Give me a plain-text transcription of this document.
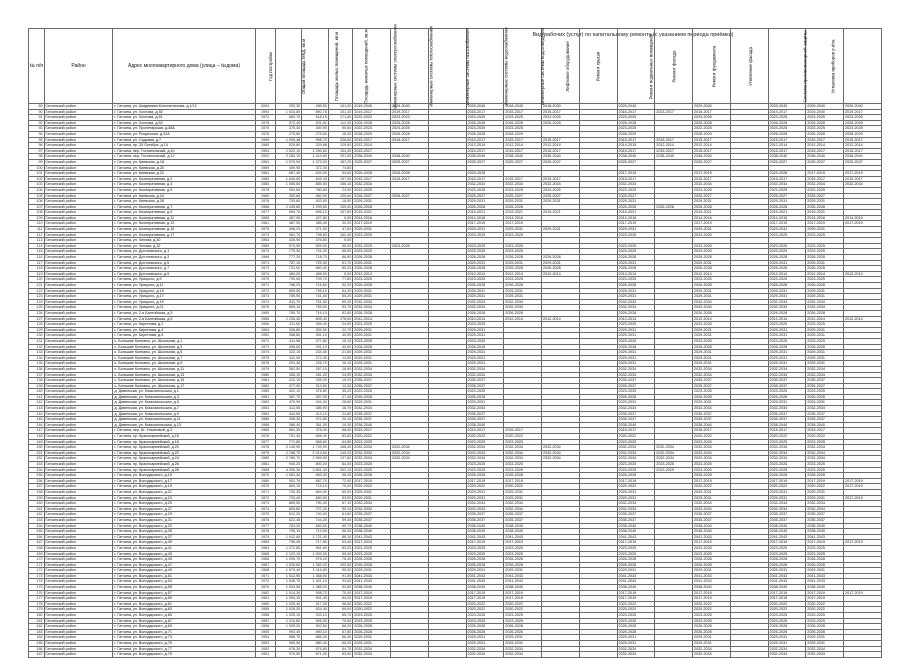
Вид рабочих (услуг) по капитальному ремонту (с указанием периода приёмки)
№ п/п	Район	Адрес многоквартирного дома (улица – №дома)	Год постройки	Общая площадь МКД, кв.м	Площадь жилых помещений, кв.м	Площадь нежилых помещений, кв.м	Инженерные системы электроснабжения	Инженерные системы теплоснабжения	Инженерные системы газоснабжения	Инженерные системы водоснабжения	Инженерные системы водоотведения	Лифтовое оборудование	Ремонт крыши	Ремонт подвальных помещений	Ремонт фасада	Ремонт фундамента	Утепление фасада	Система противопожарной защиты	Установка приборов учёта	
89	Гатчинский район	г. Гатчина, ул. Академика Константинова, д.1/12	2004	293,30	285,50	101,00	2019-2040	2029-2040		2029-2040	2018-2040	2018-2030		2029-2040		2029-2040		2029-2040	2029-2040	2029-2040
90	Гатчинский район	г. Гатчина, ул. Хохлова, д.50	1994	1 634,80	890,76	101,30	2019-2017	2019-2017		2016-2017	2015-2017	2015-2017		2016-2017	2023-2017	2016-2017		2019-2017	2019-2040	2019-2017
91	Гатчинский район	г. Гатчина, ул. Хохлова, д.51	1972	662,70	618,19	171,80	2022-2023	2023-2023		2023-2025	2023-2025	2023-2025		2023-2025		2023-2025		2023-2025	2023-2025	2023-2025
92	Гатчинский район	г. Гатчина, ул. Хохлова, д.52	1978	572,40	531,62	112,40	2026-2028	2026-2028		2026-2028	2026-2028	2026-2028		2026-2028		2026-2028		2026-2028	2026-2028	2026-2028
93	Гатчинский район	г. Гатчина, ул. Пролетарская, д.36А	1970	375,40	300,90	90,60	2022-2023	2024-2025		2023-2025	2023-2025			2023-2025		2022-2025		2023-2025	2023-2025	2023-2025
94	Гатчинский район	г. Гатчина, ул. Рощинская, д.32А	1978	275,80	275,60	16,30	2028-2029	2026-2028		2026-2028	2028-2029			2028-2029		2028-2029		2026-2028	2026-2028	2028-2029
95	Гатчинский район	г. Гатчина, ул. Садовая, д.7	1959	1 095,48	998,70	338,80	2015-2017	2015-2017		2015-2017	2015-2017	2015-2017		2015-2017	2015-2017	2015-2017		2015-2017	2015-2017	2015-2017
96	Гатчинский район	г. Гатчина, пр. 25 Октября, д.14	1980	520,80	329,68	129,80	2012-2014			2012-2014	2012-2014	2012-2014		2014-2015	2012-2014	2012-2014		2012-2014	2012-2014	2012-2014
97	Гатчинский район	г. Гатчина, пер. Госпитальный, д.10	1994	1 522,10	1 290,60	154,30	2015-2017			2015-2017	2015-2017	2015-2017		2015-2017	2015-2017	2015-2017		2015-2017	2015-2017	2015-2017
98	Гатчинский район	г. Гатчина, пер. Госпитальный, д.12	2002	2 280,10	1 419,80	291,50	2038-2040	2038-2040		2038-2040	2038-2040	2038-2040		2038-2040	2038-2040	2038-2040		2038-2040	2038-2040	2038-2040
99	Гатчинский район	г. Гатчина, ул. Киевская, д.18	1961	1 570,00	1 373,00	187,20	2025-2027	2025-2027		2025-2027	2025-2027	2025-2027		2025-2027		2025-2027		2025-2027	2025-2027	2025-2027
100	Гатчинский район	г. Гатчина, ул. Киевская, д.20	1969	409,90	372,30	74,80														
101	Гатчинский район	г. Гатчина, ул. Киевская, д.22	1961	687,40	639,90	94,60	2026-2028	2026-2028		2029-2028				2017-2019		2017-2019		2029-2028	2017-2019	2017-2019
102	Гатчинский район	г. Гатчина, ул. Кооперативная, д.2	1983	1 846,60	849,40	197,50	2015-2017	2015-2017		2015-2017	2015-2017	2015-2017		2015-2017		2015-2017		2015-2017	2015-2017	2015-2017
103	Гатчинский район	г. Гатчина, ул. Кооперативная, д.3	1980	1 085,60	885,50	156,10	2032-2034			2032-2034	2032-2034	2032-2034		2032-2034		2032-2034		2032-2034	2032-2034	2032-2034
104	Гатчинский район	г. Гатчина, ул. Кооперативная, д.5	1978	992,80	780,80	23,90	2023-2025			2023-2025	2023-2025	2023-2025		2023-2025		2023-2025		2023-2025	2023-2025	
105	Гатчинский район	г. Гатчина, ул. Киевская, д.24	1960	392,60	360,90	135,60	2026-2027	2026-2027		2025-2027	2025-2027	2025-2027		2025-2027		2025-2027		2025-2027	2025-2027	
106	Гатчинский район	г. Гатчина, ул. Киевская, д.26	1976	753,60	633,90	18,90	2029-2031			2029-2031	2029-2031	2029-2031		2029-2031		2029-2031		2029-2031	2029-2031	
107	Гатчинский район	г. Гатчина, ул. Кооперативная, д.7	1966	1 449,80	1 299,60	139,40	2026-2028			2026-2028	2026-2028			2026-2028	2026-2028	2026-2028		2026-2028	2026-2028	
108	Гатчинский район	г. Гатчина, ул. Кооперативная, д.9	1977	859,70	696,10	157,60	2019-2021			2019-2021	2019-2021	2019-2021		2019-2021		2019-2021		2019-2021	2019-2021	
109	Гатчинский район	г. Гатчина, ул. Кооперативная, д.11	1965	487,90	427,80	0,00	2014-2016			2014-2016	2014-2016			2014-2016		2014-2016		2014-2016	2014-2016	2014-2016
110	Гатчинский район	г. Гатчина, ул. Кооперативная, д.13	1961	487,00	385,40	32,20	2017-2019			2017-2019	2017-2019			2017-2019		2017-2019		2017-2019	2017-2019	2017-2019
111	Гатчинский район	г. Гатчина, ул. Кооперативная, д.15	1979	398,20	371,00	47,60	2029-2031			2029-2031	2029-2031	2029-2031		2029-2031		2029-2031		2029-2031	2029-2031	
112	Гатчинский район	г. Гатчина, ул. Кооперативная, д.17	1973	981,70	798,60	162,40	2023-2025			2023-2025	2023-2025			2023-2025		2023-2025		2023-2025	2023-2025	
113	Гатчинский район	г. Гатчина, ул. Чехова, д.30	1963	436,90	376,80	0,00														
114	Гатчинский район	г. Гатчина, ул. Чехова, д.32	1955	570,90	509,00	55,00	2023-2025	2023-2025		2023-2025	2023-2025			2023-2025		2023-2025		2023-2025	2023-2025	
115	Гатчинский район	г. Гатчина, ул. Достоевского, д.1	1973	775,30	731,20	66,50	2023-2025			2023-2025	2023-2025			2023-2025		2023-2025		2023-2025	2023-2025	
116	Гатчинский район	г. Гатчина, ул. Достоевского, д.3	1968	777,20	718,70	86,60	2026-2028			2026-2028	2026-2028	2026-2028		2026-2028		2026-2028		2026-2028	2026-2028	
117	Гатчинский район	г. Гатчина, ул. Достоевского, д.5	1971	787,10	725,30	51,70	2029-2031			2029-2031	2029-2031	2029-2031		2029-2031		2029-2031		2029-2031	2029-2031	
118	Гатчинский район	г. Гатчина, ул. Достоевского, д.7	1973	731,00	660,40	80,20	2026-2028			2026-2028	2026-2028	2026-2028		2026-2028		2026-2028		2026-2028	2026-2028	
119	Гатчинский район	г. Гатчина, ул. Достоевского, д.9	1974	484,20	466,00	0,00	2012-2014			2012-2014	2012-2014	2012-2014		2012-2014		2012-2014		2012-2014	2012-2014	2012-2014
120	Гатчинский район	г. Гатчина, ул. Урицкого, д.9	1970	790,00	709,70	77,80	2023-2025			2023-2025	2023-2025			2023-2025		2023-2025		2023-2025	2023-2025	
121	Гатчинский район	г. Гатчина, ул. Урицкого, д.11	1971	766,20	716,60	52,20	2026-2028			2026-2028	2026-2028			2026-2028		2026-2028		2026-2028	2026-2028	
122	Гатчинский район	г. Гатчина, ул. Урицкого, д.15	1972	859,50	798,10	64,30	2029-2031			2029-2031	2029-2031			2029-2031		2029-2031		2029-2031	2029-2031	
123	Гатчинский район	г. Гатчина, ул. Урицкого, д.17	1973	789,90	741,40	65,20	2029-2031			2029-2031	2029-2031			2029-2031		2029-2031		2029-2031	2029-2031	
124	Гатчинский район	г. Гатчина, ул. Урицкого, д.19	1974	811,70	751,60	60,40	2032-2034			2032-2034	2032-2034			2032-2034		2032-2034		2032-2034	2032-2034	
125	Гатчинский район	г. Гатчина, ул. Урицкого, д.21	1975	809,10	755,00	53,70	2032-2034			2032-2034	2032-2034			2032-2034		2032-2034		2032-2034	2032-2034	
126	Гатчинский район	г. Гатчина, ул. 2-я Балтийская, д.3	1965	789,70	716,10	62,80	2026-2028			2026-2028	2026-2028			2026-2028		2026-2028		2026-2028	2026-2028	
127	Гатчинский район	г. Гатчина, ул. 2-я Балтийская, д.5	1966	1 235,40	805,40	176,00	2012-2014			2012-2014	2012-2014	2012-2014		2012-2014		2012-2014		2012-2014	2012-2014	2012-2014
128	Гатчинский район	г. Гатчина, ул. Киргетова, д.2	1956	411,60	396,40	24,50	2023-2025			2023-2025				2023-2025		2023-2025		2023-2025	2023-2025	
129	Гатчинский район	г. Гатчина, ул. Киргетова, д.4	1954	336,80	302,90	22,70	2029-2031			2029-2031				2029-2031		2029-2031		2029-2031	2029-2031	
130	Гатчинский район	г. Гатчина, ул. Киргетова, д.6	1952	358,80	281,10	40,50	2029-2031			2029-2031				2029-2031		2029-2031		2029-2031	2029-2031	
131	Гатчинский район	с. Большие Колпаны, ул. Школьная, д.1	1972	411,58	377,80	15,10	2023-2025			2023-2025				2023-2025		2023-2025		2023-2025	2023-2025	
132	Гатчинский район	с. Большие Колпаны, ул. Школьная, д.3	1973	396,60	291,10	40,60	2026-2028			2026-2028				2026-2028		2026-2028		2026-2028	2026-2028	
133	Гатчинский район	с. Большие Колпаны, ул. Школьная, д.5	1974	322,10	234,40	21,60	2029-2031			2029-2031				2029-2031		2029-2031		2029-2031	2029-2031	
134	Гатчинский район	с. Большие Колпаны, ул. Школьная, д.7	1975	341,00	272,40	14,50	2029-2031			2029-2031				2029-2031		2029-2031		2029-2031	2029-2031	
135	Гатчинский район	с. Большие Колпаны, ул. Школьная, д.9	1978	291,40	226,70	16,10	2029-2031			2029-2031				2029-2031		2029-2031		2029-2031	2029-2031	
136	Гатчинский район	с. Большие Колпаны, ул. Школьная, д.11	1979	362,50	287,10	18,90	2032-2034			2032-2034				2032-2034		2032-2034		2032-2034	2032-2034	
137	Гатчинский район	с. Большие Колпаны, ул. Школьная, д.13	1980	355,10	281,20	24,90	2032-2034			2032-2034				2032-2034		2032-2034		2032-2034	2032-2034	
138	Гатчинский район	с. Большие Колпаны, ул. Школьная, д.15	1981	412,10	335,00	19,20	2035-2037			2035-2037				2035-2037		2035-2037		2035-2037	2035-2037	
139	Гатчинский район	с. Большие Колпаны, ул. Школьная, д.17	1982	377,90	313,90	12,30	2035-2037			2035-2037				2035-2037		2035-2037		2035-2037	2035-2037	
140	Гатчинский район	д. Дивенская, ул. Комсомольская, д.1	1980	402,10	376,80	35,20	2023-2025			2023-2025				2023-2025		2023-2025		2023-2025	2023-2025	
141	Гатчинский район	д. Дивенская, ул. Комсомольская, д.3	1981	387,70	357,90	27,40	2026-2028			2026-2028				2026-2028		2026-2028		2026-2028	2026-2028	
142	Гатчинский район	д. Дивенская, ул. Комсомольская, д.5	1982	470,90	444,30	26,60	2029-2031			2029-2031				2029-2031		2029-2031		2029-2031	2029-2031	
143	Гатчинский район	д. Дивенская, ул. Комсомольская, д.7	1983	412,50	386,90	18,70	2032-2034			2032-2034				2032-2034		2032-2034		2032-2034	2032-2034	
144	Гатчинский район	д. Дивенская, ул. Комсомольская, д.9	1984	444,60	414,10	24,80	2035-2037			2035-2037				2035-2037		2035-2037		2035-2037	2035-2037	
145	Гатчинский район	д. Дивенская, ул. Комсомольская, д.11	1985	398,30	372,60	20,10	2035-2037			2035-2037				2035-2037		2035-2037		2035-2037	2035-2037	
146	Гатчинский район	д. Дивенская, ул. Комсомольская, д.13	1986	386,40	361,00	19,30	2038-2040			2038-2040				2038-2040		2038-2040		2038-2040	2038-2040	
147	Гатчинский район	г. Гатчина, пер. Ш. Ульяновой, д.3	1960	681,30	378,40	58,00	2015-2017			2015-2017	2015-2017			2015-2017		2015-2017		2015-2017	2015-2017	
148	Гатчинский район	г. Гатчина, пр. Красноармейский, д.16	1976	751,40	658,40	83,60	2020-2022			2020-2022	2020-2022			2020-2022		2020-2022		2020-2022	2020-2022	
149	Гатчинский район	г. Гатчина, пр. Красноармейский, д.18	1977	771,80	668,60	64,80	2023-2025			2023-2025	2023-2025			2023-2025		2023-2025		2023-2025	2023-2025	
150	Гатчинский район	г. Гатчина, пр. Красноармейский, д.20	1978	2 140,90	1 749,90	168,40	2032-2034	2032-2034		2032-2034	2032-2034	2032-2034		2032-2034	2032-2034	2032-2034		2032-2034	2032-2034	
151	Гатчинский район	г. Гатчина, пр. Красноармейский, д.22	1979	2 786,70	2 419,60	149,20	2032-2034	2032-2034		2032-2034	2032-2034	2032-2034		2032-2034	2032-2034	2032-2034		2032-2034	2032-2034	
152	Гатчинский район	г. Гатчина, пр. Красноармейский, д.24	1980	2 780,70	2 559,90	137,80	2032-2034	2032-2034		2032-2034	2032-2034	2032-2034		2032-2034	2032-2034	2032-2034		2032-2034	2032-2034	
153	Гатчинский район	г. Гатчина, пр. Красноармейский, д.26	1981	940,20	800,20	84,00	2023-2025			2023-2025	2023-2025			2023-2025	2023-2025	2023-2025		2023-2025	2023-2025	
154	Гатчинский район	г. Гатчина, пр. Красноармейский, д.28	1958	4 395,30	3 891,40	302,10	2023-2025			2023-2025	2023-2025			2023-2025	2023-2025	2023-2025		2023-2025	2023-2025	
155	Гатчинский район	г. Гатчина, ул. Володарского, д.15	1970	1 081,40	963,30	58,40	2026-2028			2026-2028	2026-2028			2026-2028		2026-2028		2026-2028	2026-2028	
156	Гатчинский район	г. Гатчина, ул. Володарского, д.17	1969	951,70	857,70	72,90	2017-2019			2017-2019	2017-2019			2017-2019		2017-2019		2017-2019	2017-2019	2017-2019
157	Гатчинский район	г. Гатчина, ул. Володарского, д.19	1970	800,10	715,10	70,20	2020-2022			2020-2022	2020-2022			2020-2022		2020-2022		2020-2022	2020-2022	2017-2019
158	Гатчинский район	г. Гатчина, ул. Володарского, д.21	1971	730,30	664,00	60,00	2029-2031			2029-2031	2029-2031			2029-2031		2029-2031		2029-2031	2029-2031	
159	Гатчинский район	г. Гатчина, ул. Володарского, д.23	1972	733,40	660,50	53,00	2029-2031			2029-2031	2029-2031			2029-2031		2029-2031		2029-2031	2029-2031	2017-2019
160	Гатчинский район	г. Гатчина, ул. Володарского, д.25	1973	869,50	790,40	67,10	2032-2034			2032-2034	2032-2034			2032-2034		2032-2034		2032-2034	2032-2034	
161	Гатчинский район	г. Гатчина, ул. Володарского, д.27	1974	809,80	727,20	59,10	2032-2034			2032-2034	2032-2034			2032-2034		2032-2034		2032-2034	2032-2034	
162	Гатчинский район	г. Гатчина, ул. Володарского, д.29	1975	812,20	740,00	61,60	2035-2037			2035-2037	2035-2037			2035-2037		2035-2037		2035-2037	2035-2037	
163	Гатчинский район	г. Гатчина, ул. Володарского, д.31	1976	822,40	744,20	59,40	2035-2037			2035-2037	2035-2037			2035-2037		2035-2037		2035-2037	2035-2037	
164	Гатчинский район	г. Гатчина, ул. Володарского, д.33	1977	763,20	683,00	60,70	2038-2040			2038-2040	2038-2040			2038-2040		2038-2040		2038-2040	2038-2040	
165	Гатчинский район	г. Гатчина, ул. Володарского, д.35	1978	795,10	713,90	56,30	2038-2040			2038-2040	2038-2040			2038-2040		2038-2040		2038-2040	2038-2040	
166	Гатчинский район	г. Гатчина, ул. Володарского, д.37	1974	1 912,60	1 721,40	88,10	2041-2043			2041-2043	2041-2043			2041-2043		2041-2043		2041-2043	2041-2043	
167	Гатчинский район	г. Гатчина, ул. Володарского, д.39	1963	796,40	717,50	53,40	2017-2019			2017-2019	2017-2019			2017-2019		2017-2019		2017-2019	2017-2019	2017-2019
168	Гатчинский район	г. Гатчина, ул. Володарского, д.41	1964	1 072,80	961,60	83,20	2023-2025			2023-2025	2023-2025			2023-2025		2023-2025		2023-2025	2023-2025	
169	Гатчинский район	г. Гатчина, ул. Володарского, д.43	1965	1 122,10	1 003,30	85,00	2023-2025			2023-2025	2023-2025			2023-2025		2023-2025		2023-2025	2023-2025	
170	Гатчинский район	г. Гатчина, ул. Володарского, д.45	1966	1 090,70	978,20	78,40	2026-2028			2026-2028	2026-2028			2026-2028		2026-2028		2026-2028	2026-2028	
171	Гатчинский район	г. Гатчина, ул. Володарского, д.47	1967	1 530,60	1 383,20	102,50	2026-2028			2026-2028	2026-2028			2026-2028		2026-2028		2026-2028	2026-2028	
172	Гатчинский район	г. Гатчина, ул. Володарского, д.49	1968	1 570,40	1 416,80	99,30	2029-2031			2029-2031	2029-2031			2029-2031		2029-2031		2029-2031	2029-2031	
173	Гатчинский район	г. Гатчина, ул. Володарского, д.51	1971	1 512,90	1 368,00	91,50	2041-2043			2041-2043	2041-2043			2041-2043		2041-2043		2041-2043	2041-2043	
174	Гатчинский район	г. Гатчина, ул. Володарского, д.53	1972	1 548,70	1 401,10	93,60	2041-2043			2041-2043	2041-2043			2041-2043		2041-2043		2041-2043	2041-2043	
175	Гатчинский район	г. Гатчина, ул. Володарского, д.55	1970	1 533,50	1 388,20	92,80	2038-2040			2038-2040	2038-2040			2038-2040		2038-2040		2038-2040	2038-2040	
176	Гатчинский район	г. Гатчина, ул. Володарского, д.57	1962	1 014,30	908,70	70,40	2017-2019			2017-2019	2017-2019			2017-2019		2017-2019		2017-2019	2017-2019	2017-2019
177	Гатчинский район	г. Гатчина, ул. Володарского, д.59	1961	1 000,10	901,40	64,20	2017-2019			2017-2019	2017-2019			2017-2019		2017-2019		2017-2019	2017-2019	
178	Гатчинский район	г. Гатчина, ул. Володарского, д.61	1960	1 020,40	917,30	68,50	2020-2022			2020-2022	2020-2022			2020-2022		2020-2022		2020-2022	2020-2022	
179	Гатчинский район	г. Гатчина, ул. Володарского, д.63	1959	1 026,20	924,40	69,00	2020-2022			2020-2022	2020-2022			2020-2022		2020-2022		2020-2022	2020-2022	
180	Гатчинский район	г. Гатчина, ул. Володарского, д.65	1958	1 035,10	933,10	65,70	2023-2025			2023-2025	2023-2025			2023-2025		2023-2025		2023-2025	2023-2025	
181	Гатчинский район	г. Гатчина, ул. Володарского, д.67	1957	1 010,80	906,90	70,60	2023-2025			2023-2025	2023-2025			2023-2025		2023-2025		2023-2025	2023-2025	
182	Гатчинский район	г. Гатчина, ул. Володарского, д.69	1956	1 005,20	902,60	68,20	2026-2028			2026-2028	2026-2028			2026-2028		2026-2028		2026-2028	2026-2028	
183	Гатчинский район	г. Гатчина, ул. Володарского, д.71	1955	993,40	890,10	67,80	2026-2028			2026-2028	2026-2028			2026-2028		2026-2028		2026-2028	2026-2028	
184	Гатчинский район	г. Гатчина, ул. Володарского, д.73	1954	986,70	886,30	66,40	2029-2031			2029-2031	2029-2031			2029-2031		2029-2031		2029-2031	2029-2031	
185	Гатчинский район	г. Гатчина, ул. Володарского, д.75	1953	980,90	880,40	65,20	2029-2031			2029-2031	2029-2031			2029-2031		2029-2031		2029-2031	2029-2031	
186	Гатчинский район	г. Гатчина, ул. Володарского, д.77	1952	976,30	876,80	64,70	2032-2034			2032-2034	2032-2034			2032-2034		2032-2034		2032-2034	2032-2034	
187	Гатчинский район	г. Гатчина, ул. Володарского, д.79	1951	970,50	871,20	63,90	2032-2034			2032-2034	2032-2034			2032-2034		2032-2034		2032-2034	2032-2034	
